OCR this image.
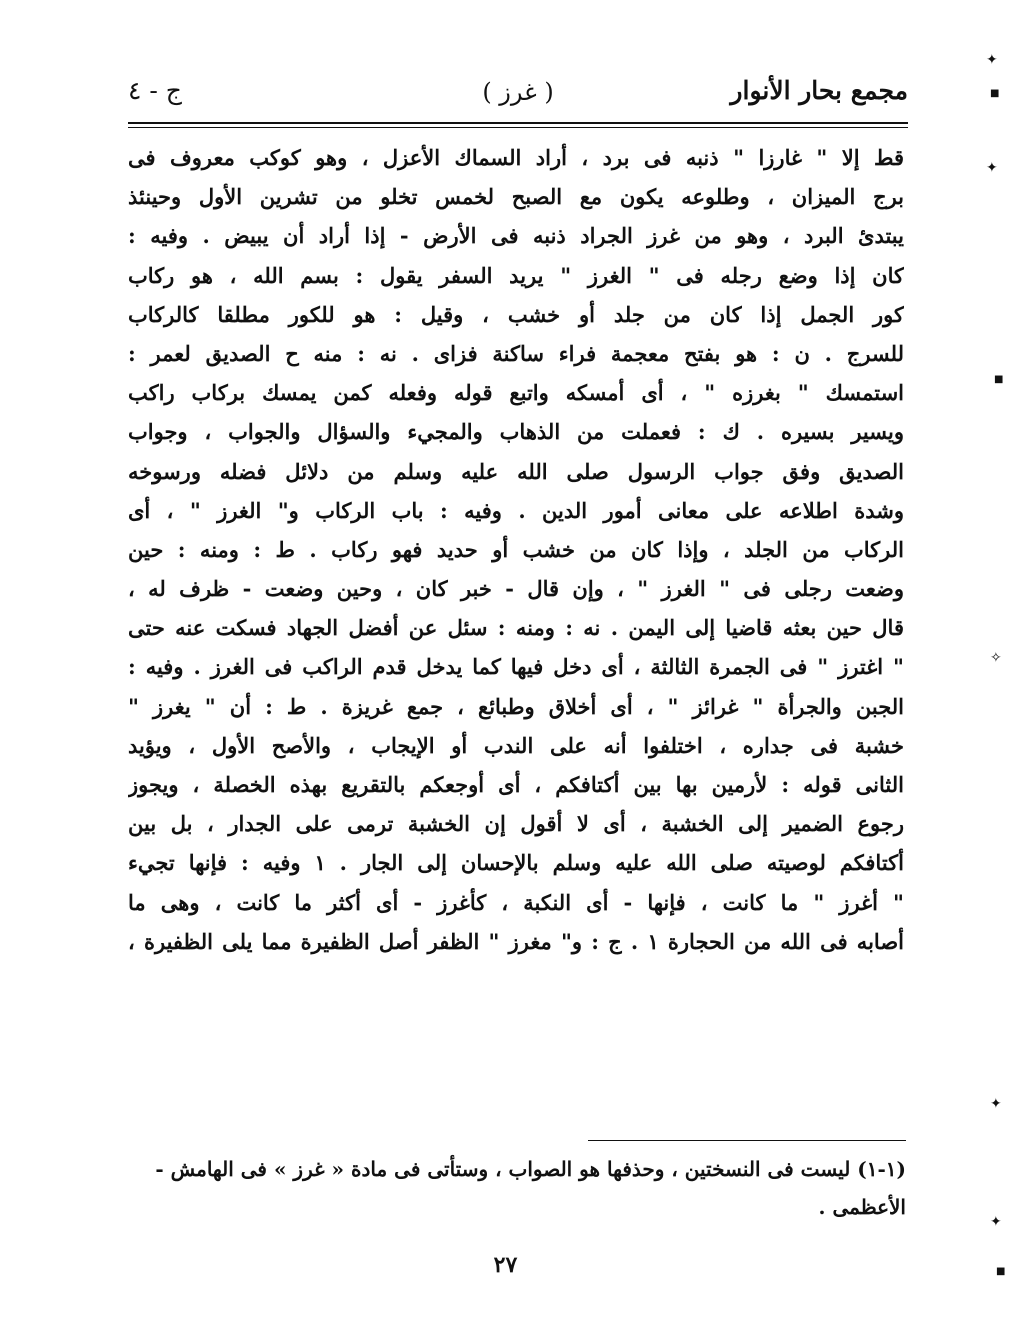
مجمع بحار الأنوار
( غرز )
ج - ٤
قط إلا " غارزا " ذنبه فى برد ، أراد السماك الأعزل ، وهو كوكب معروف فى
برج الميزان ، وطلوعه يكون مع الصبح لخمس تخلو من تشرين الأول وحينئذ
يبتدئ البرد ، وهو من غرز الجراد ذنبه فى الأرض - إذا أراد أن يبيض . وفيه :
كان إذا وضع رجله فى " الغرز " يريد السفر يقول : بسم الله ، هو ركاب
كور الجمل إذا كان من جلد أو خشب ، وقيل : هو للكور مطلقا كالركاب
للسرج . ن : هو بفتح معجمة فراء ساكنة فزاى . نه : منه ح الصديق لعمر :
استمسك " بغرزه " ، أى أمسكه واتبع قوله وفعله كمن يمسك بركاب راكب
ويسير بسيره . ك : فعملت من الذهاب والمجيء والسؤال والجواب ، وجواب
الصديق وفق جواب الرسول صلى الله عليه وسلم من دلائل فضله ورسوخه
وشدة اطلاعه على معانى أمور الدين . وفيه : باب الركاب و" الغرز " ، أى
الركاب من الجلد ، وإذا كان من خشب أو حديد فهو ركاب . ط : ومنه : حين
وضعت رجلى فى " الغرز " ، وإن قال - خبر كان ، وحين وضعت - ظرف له ،
قال حين بعثه قاضيا إلى اليمن . نه : ومنه : سئل عن أفضل الجهاد فسكت عنه حتى
" اغترز " فى الجمرة الثالثة ، أى دخل فيها كما يدخل قدم الراكب فى الغرز . وفيه :
الجبن والجرأة " غرائز " ، أى أخلاق وطبائع ، جمع غريزة . ط : أن " يغرز "
خشبة فى جداره ، اختلفوا أنه على الندب أو الإيجاب ، والأصح الأول ، ويؤيد
الثانى قوله : لأرمين بها بين أكتافكم ، أى أوجعكم بالتقريع بهذه الخصلة ، ويجوز
رجوع الضمير إلى الخشبة ، أى لا أقول إن الخشبة ترمى على الجدار ، بل بين
أكتافكم لوصيته صلى الله عليه وسلم بالإحسان إلى الجار . ١ وفيه : فإنها تجيء
" أغرز " ما كانت ، فإنها - أى النكبة ، كأغرز - أى أكثر ما كانت ، وهى ما
أصابه فى الله من الحجارة ١ . ج : و" مغرز " الظفر أصل الظفيرة مما يلى الظفيرة ،
(١-١) ليست فى النسختين ، وحذفها هو الصواب ، وستأتى فى مادة « غرز » فى الهامش -
الأعظمى .
٢٧
✦
■
✦
■
✧
✦
✦
■
